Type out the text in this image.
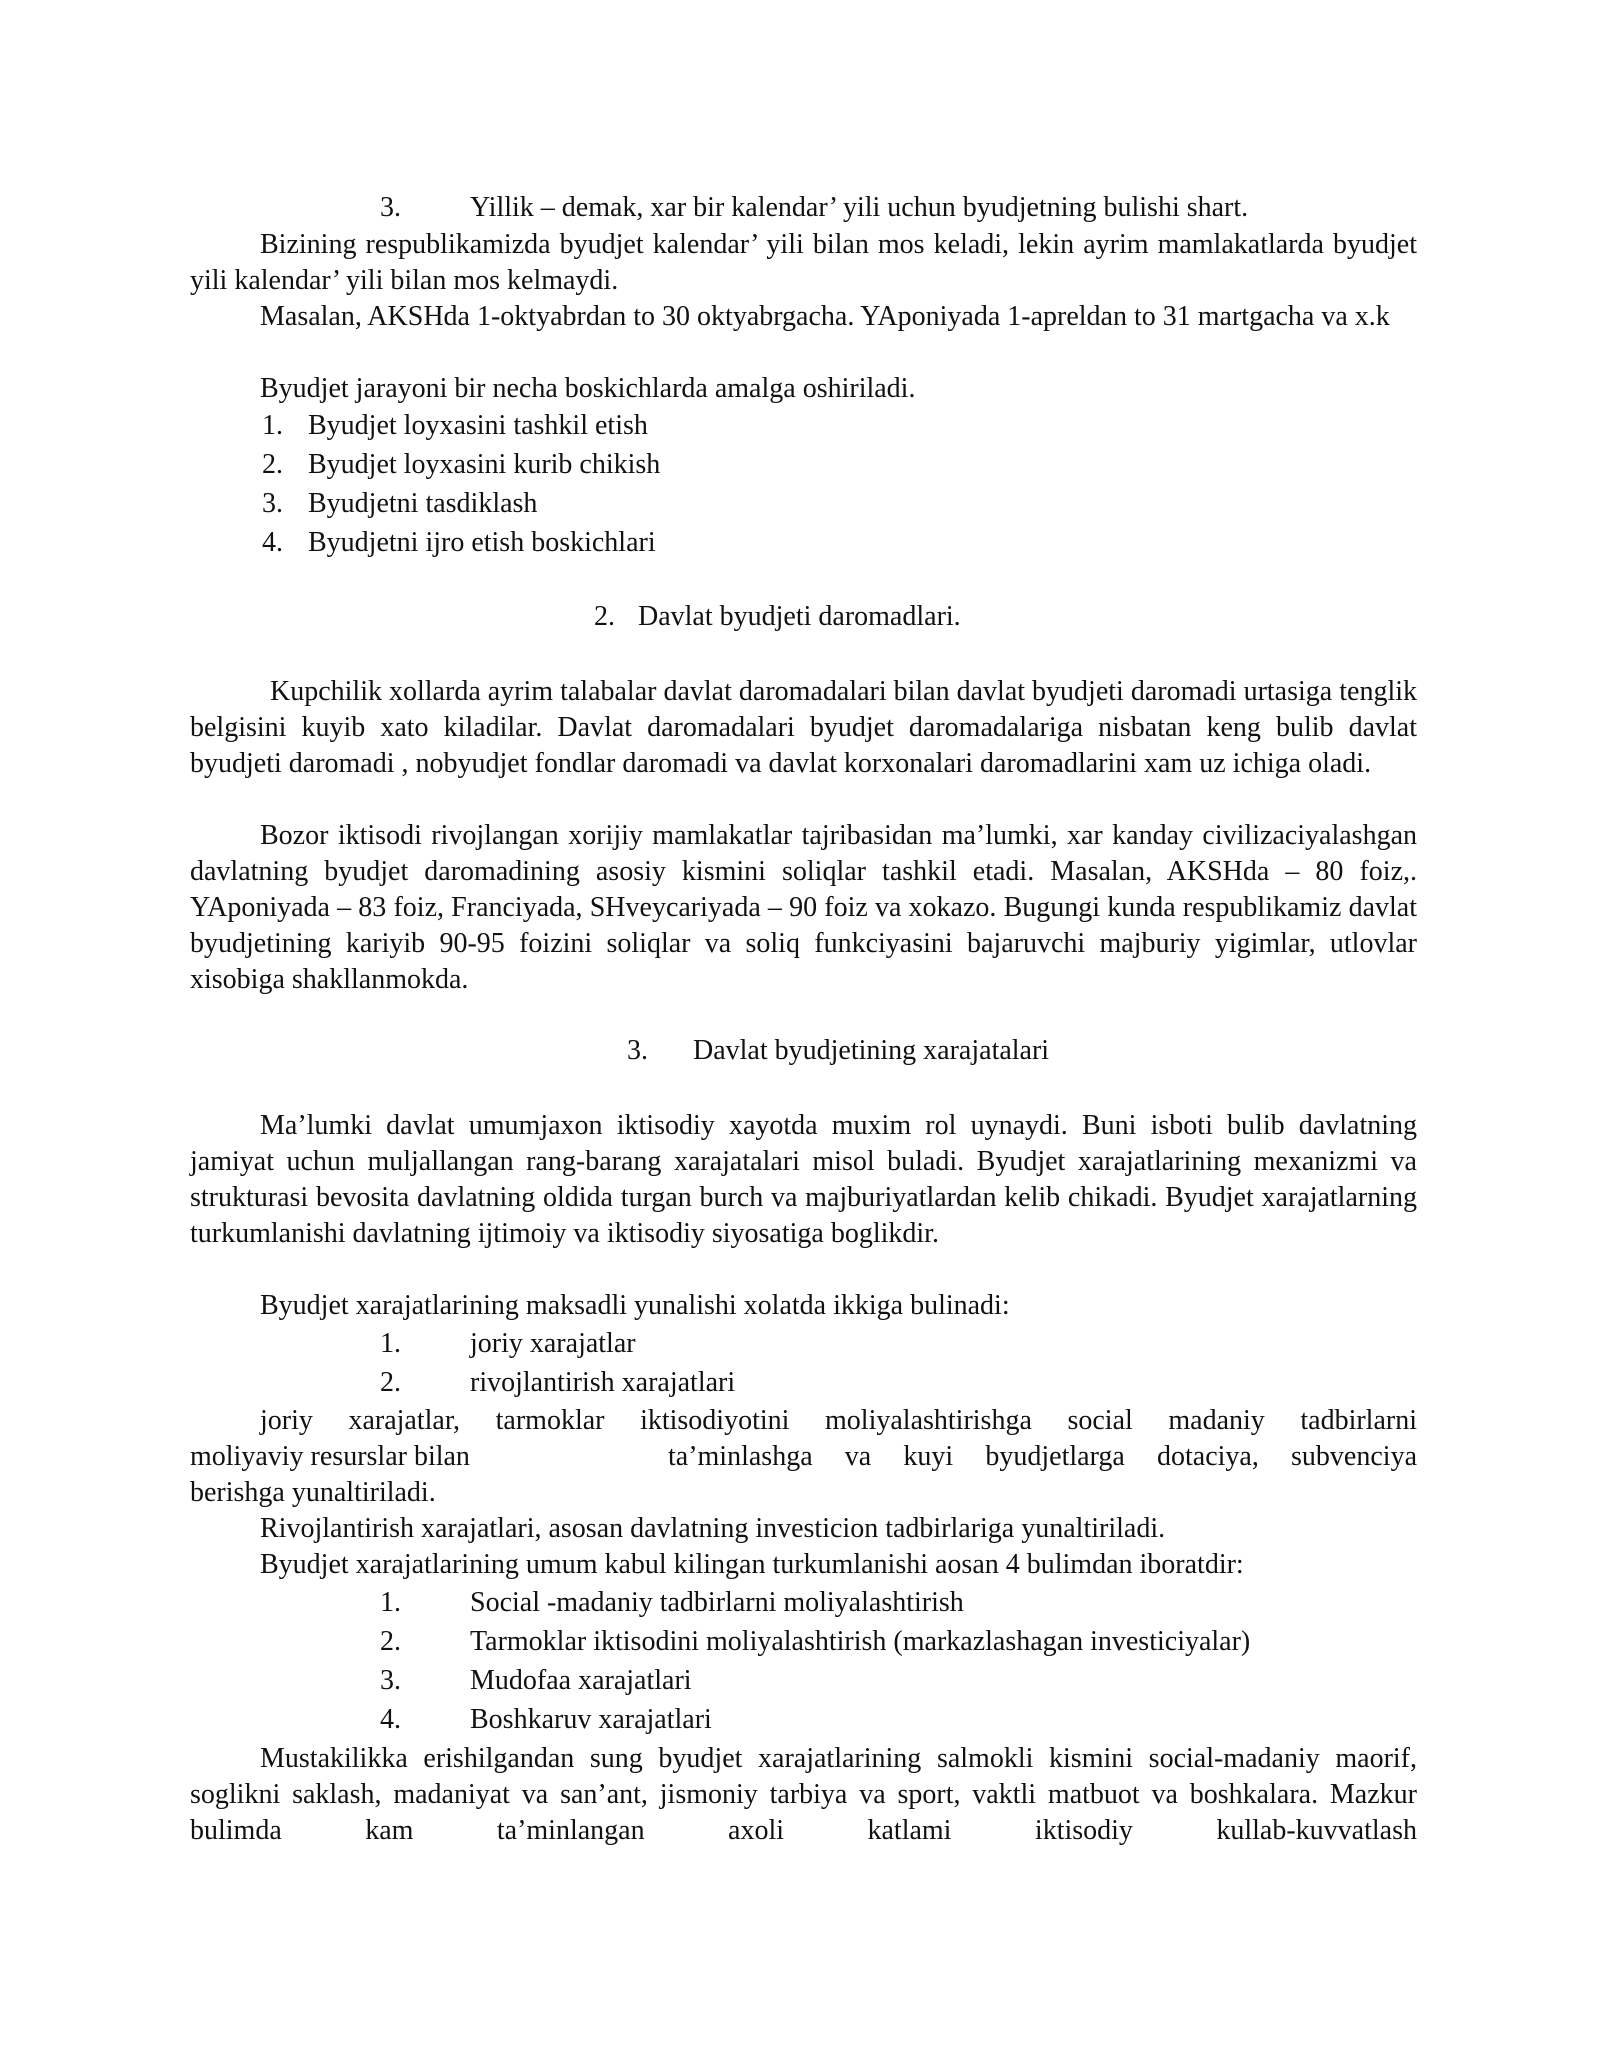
3. Yillik – demak, xar bir kalendar’ yili uchun byudjetning bulishi shart.

Bizining respublikamizda byudjet kalendar’ yili bilan mos keladi, lekin ayrim mamlakatlarda byudjet yili kalendar’ yili bilan mos kelmaydi.

Masalan, AKSHda 1-oktyabrdan to 30 oktyabrgacha. YAponiyada 1-apreldan to 31 martgacha va x.k

Byudjet jarayoni bir necha boskichlarda amalga oshiriladi.

1. Byudjet loyxasini tashkil etish
2. Byudjet loyxasini kurib chikish
3. Byudjetni tasdiklash
4. Byudjetni ijro etish boskichlari
2. Davlat byudjeti daromadlari.

Kupchilik xollarda ayrim talabalar davlat daromadalari bilan davlat byudjeti daromadi urtasiga tenglik belgisini kuyib xato kiladilar. Davlat daromadalari byudjet daromadalariga nisbatan keng bulib davlat byudjeti daromadi , nobyudjet fondlar daromadi va davlat korxonalari daromadlarini xam uz ichiga oladi.

Bozor iktisodi rivojlangan xorijiy mamlakatlar tajribasidan ma’lumki, xar kanday civilizaciyalashgan davlatning byudjet daromadining asosiy kismini soliqlar tashkil etadi. Masalan, AKSHda – 80 foiz,. YAponiyada – 83 foiz, Franciyada, SHveycariyada – 90 foiz va xokazo. Bugungi kunda respublikamiz davlat byudjetining kariyib 90-95 foizini soliqlar va soliq funkciyasini bajaruvchi majburiy yigimlar, utlovlar xisobiga shakllanmokda.

3. Davlat byudjetining xarajatalari

Ma’lumki davlat umumjaxon iktisodiy xayotda muxim rol uynaydi. Buni isboti bulib davlatning jamiyat uchun muljallangan rang-barang xarajatalari misol buladi. Byudjet xarajatlarining mexanizmi va strukturasi bevosita davlatning oldida turgan burch va majburiyatlardan kelib chikadi. Byudjet xarajatlarning turkumlanishi davlatning ijtimoiy va iktisodiy siyosatiga boglikdir.

Byudjet xarajatlarining maksadli yunalishi xolatda ikkiga bulinadi:

1. joriy xarajatlar
2. rivojlantirish xarajatlari
joriy xarajatlar, tarmoklar iktisodiyotini moliyalashtirishga social madaniy tadbirlarni
moliyaviy resurslar bilan	ta’minlashga va kuyi byudjetlarga dotaciya, subvenciya
berishga yunaltiriladi.

Rivojlantirish xarajatlari, asosan davlatning investicion tadbirlariga yunaltiriladi.

Byudjet xarajatlarining umum kabul kilingan turkumlanishi aosan 4 bulimdan iboratdir:

1. Social -madaniy tadbirlarni moliyalashtirish
2. Tarmoklar iktisodini moliyalashtirish (markazlashagan investiciyalar)
3. Mudofaa xarajatlari
4. Boshkaruv xarajatlari

Mustakilikka erishilgandan sung byudjet xarajatlarining salmokli kismini social-madaniy maorif, soglikni saklash, madaniyat va san’ant, jismoniy tarbiya va sport, vaktli matbuot va boshkalara. Mazkur bulimda kam ta’minlangan axoli katlami iktisodiy kullab-kuvvatlash
